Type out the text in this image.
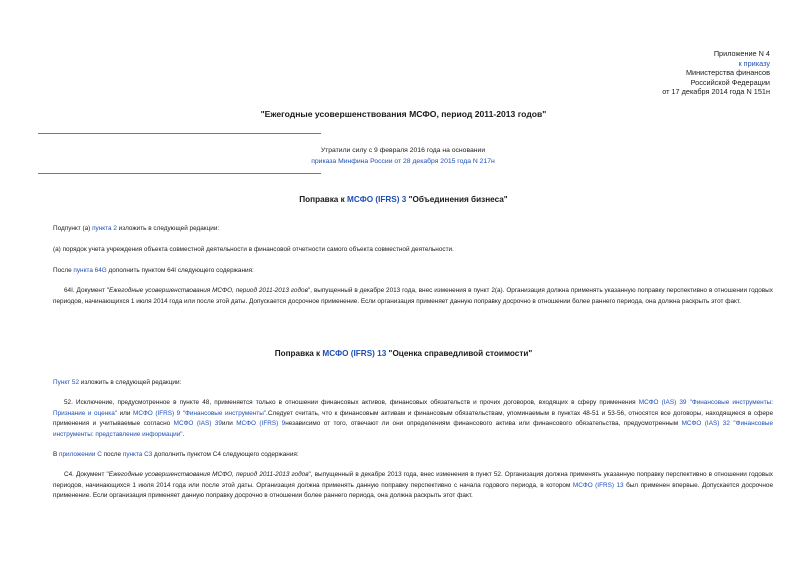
Приложение N 4
к приказу
Министерства финансов
Российской Федерации
от 17 декабря 2014 года N 151н
"Ежегодные усовершенствования МСФО, период 2011-2013 годов"
Утратили силу с 9 февраля 2016 года на основании
приказа Минфина России от 28 декабря 2015 года N 217н
Поправка к МСФО (IFRS) 3 "Объединения бизнеса"
Подпункт (a) пункта 2 изложить в следующей редакции:
(a) порядок учета учреждения объекта совместной деятельности в финансовой отчетности самого объекта совместной деятельности.
После пункта 64G дополнить пунктом 64I следующего содержания:
64I. Документ "Ежегодные усовершенствования МСФО, период 2011-2013 годов", выпущенный в декабре 2013 года, внес изменения в пункт 2(a). Организация должна применять указанную поправку перспективно в отношении годовых периодов, начинающихся 1 июля 2014 года или после этой даты. Допускается досрочное применение. Если организация применяет данную поправку досрочно в отношении более раннего периода, она должна раскрыть этот факт.
Поправка к МСФО (IFRS) 13 "Оценка справедливой стоимости"
Пункт 52 изложить в следующей редакции:
52. Исключение, предусмотренное в пункте 48, применяется только в отношении финансовых активов, финансовых обязательств и прочих договоров, входящих в сферу применения МСФО (IAS) 39 "Финансовые инструменты: Признание и оценка" или МСФО (IFRS) 9 "Финансовые инструменты".Следует считать, что к финансовым активам и финансовым обязательствам, упоминаемым в пунктах 48-51 и 53-56, относятся все договоры, находящиеся в сфере применения и учитываемые согласно МСФО (IAS) 39или МСФО (IFRS) 9независимо от того, отвечают ли они определениям финансового актива или финансового обязательства, предусмотренным МСФО (IAS) 32 "Финансовые инструменты: представление информации".
В приложении С после пункта С3 дополнить пунктом С4 следующего содержания:
С4. Документ "Ежегодные усовершенствования МСФО, период 2011-2013 годов", выпущенный в декабре 2013 года, внес изменения в пункт 52. Организация должна применять указанную поправку перспективно в отношении годовых периодов, начинающихся 1 июля 2014 года или после этой даты. Организация должна применять данную поправку перспективно с начала годового периода, в котором МСФО (IFRS) 13 был применен впервые. Допускается досрочное применение. Если организация применяет данную поправку досрочно в отношении более раннего периода, она должна раскрыть этот факт.
